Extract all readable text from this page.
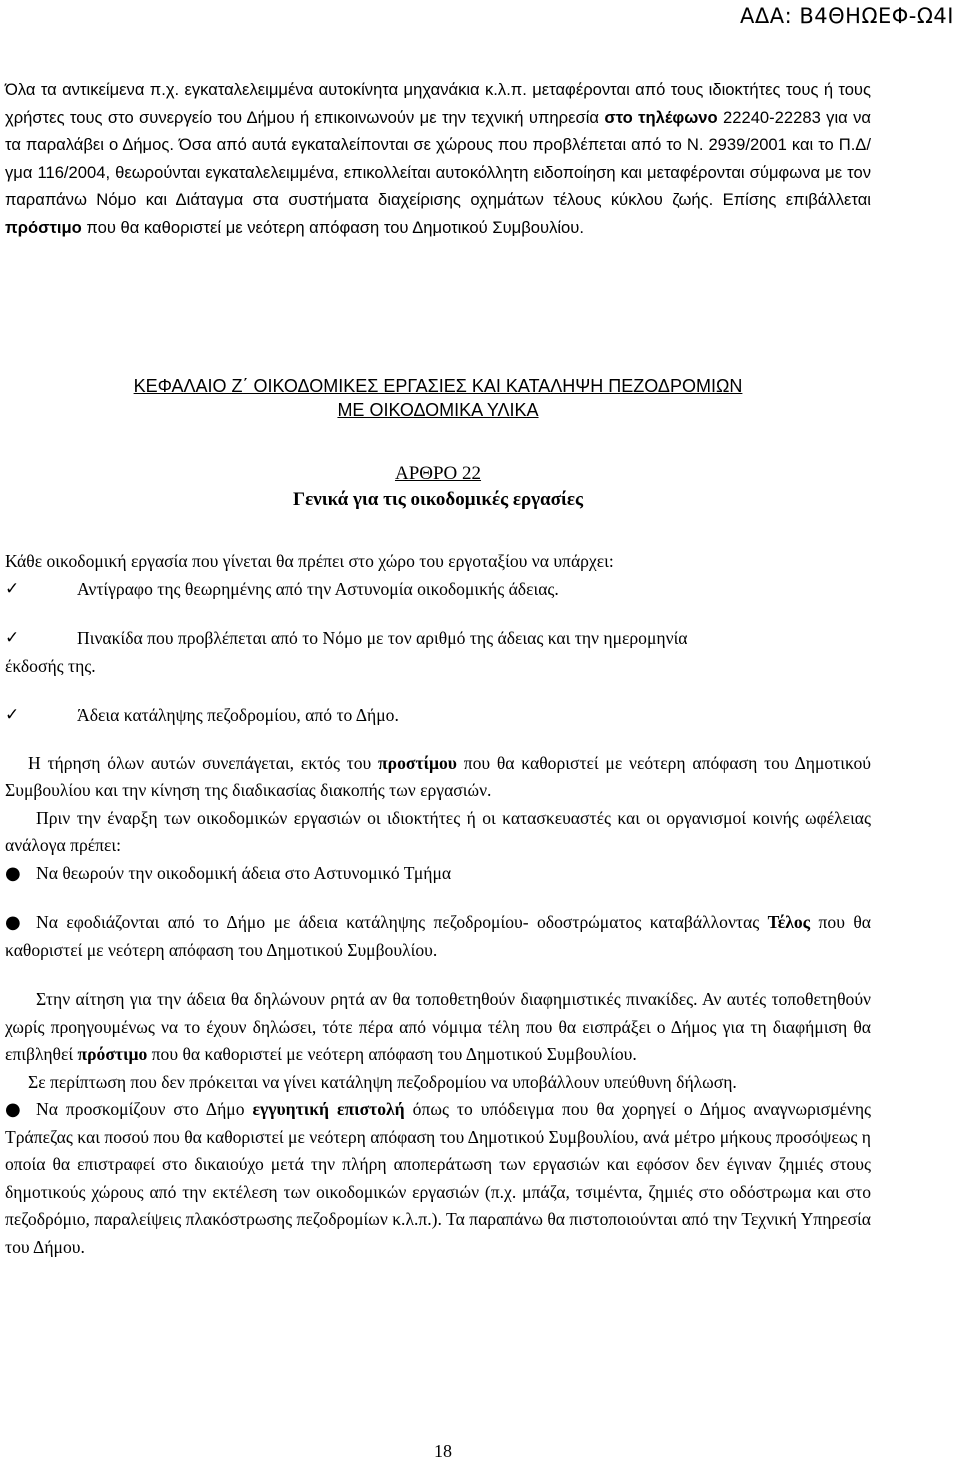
ΑΔΑ: Β4ΘΗΩΕΦ-Ω4Ι

Όλα τα αντικείμενα π.χ. εγκαταλελειμμένα αυτοκίνητα μηχανάκια κ.λ.π. μεταφέρονται από τους ιδιοκτήτες τους ή τους χρήστες τους στο συνεργείο του Δήμου ή επικοινωνούν με την τεχνική υπηρεσία στο τηλέφωνο 22240-22283 για να τα παραλάβει ο Δήμος. Όσα από αυτά εγκαταλείπονται σε χώρους που προβλέπεται από το Ν. 2939/2001 και το Π.Δ/γμα 116/2004, θεωρούνται εγκαταλελειμμένα, επικολλείται αυτοκόλλητη ειδοποίηση και μεταφέρονται σύμφωνα με τον παραπάνω Νόμο και Διάταγμα στα συστήματα διαχείρισης οχημάτων τέλους κύκλου ζωής. Επίσης επιβάλλεται πρόστιμο που θα καθοριστεί με νεότερη απόφαση του Δημοτικού Συμβουλίου.

ΚΕΦΑΛΑΙΟ Ζ΄ ΟΙΚΟΔΟΜΙΚΕΣ ΕΡΓΑΣΙΕΣ ΚΑΙ ΚΑΤΑΛΗΨΗ ΠΕΖΟΔΡΟΜΙΩΝ
ΜΕ ΟΙΚΟΔΟΜΙΚΑ ΥΛΙΚΑ
ΑΡΘΡΟ 22
Γενικά για τις οικοδομικές εργασίες

Κάθε οικοδομική εργασία που γίνεται θα πρέπει στο χώρο του εργοταξίου να υπάρχει:

✓	Αντίγραφο της θεωρημένης από την Αστυνομία οικοδομικής άδειας.
✓	Πινακίδα που προβλέπεται από το Νόμο με τον αριθμό της άδειας και την ημερομηνία

έκδοσής της.

✓	Άδεια κατάληψης πεζοδρομίου, από το Δήμο.

Η τήρηση όλων αυτών συνεπάγεται, εκτός του προστίμου που θα καθοριστεί με νεότερη απόφαση του Δημοτικού Συμβουλίου και την κίνηση της διαδικασίας διακοπής των εργασιών.

Πριν την έναρξη των οικοδομικών εργασιών οι ιδιοκτήτες ή οι κατασκευαστές και οι οργανισμοί κοινής ωφέλειας ανάλογα πρέπει:

● Να θεωρούν την οικοδομική άδεια στο Αστυνομικό Τμήμα
● Να εφοδιάζονται από το Δήμο με άδεια κατάληψης πεζοδρομίου- οδοστρώματος καταβάλλοντας Τέλος που θα καθοριστεί με νεότερη απόφαση του Δημοτικού Συμβουλίου.

Στην αίτηση για την άδεια θα δηλώνουν ρητά αν θα τοποθετηθούν διαφημιστικές πινακίδες. Αν αυτές τοποθετηθούν χωρίς προηγουμένως να το έχουν δηλώσει, τότε πέρα από νόμιμα τέλη που θα εισπράξει ο Δήμος για τη διαφήμιση θα επιβληθεί πρόστιμο που θα καθοριστεί με νεότερη απόφαση του Δημοτικού Συμβουλίου.

Σε περίπτωση που δεν πρόκειται να γίνει κατάληψη πεζοδρομίου να υποβάλλουν υπεύθυνη δήλωση.

● Να προσκομίζουν στο Δήμο εγγυητική επιστολή όπως το υπόδειγμα που θα χορηγεί ο Δήμος αναγνωρισμένης Τράπεζας και ποσού που θα καθοριστεί με νεότερη απόφαση του Δημοτικού Συμβουλίου, ανά μέτρο μήκους προσόψεως η οποία θα επιστραφεί στο δικαιούχο μετά την πλήρη αποπεράτωση των εργασιών και εφόσον δεν έγιναν ζημιές στους δημοτικούς χώρους από την εκτέλεση των οικοδομικών εργασιών (π.χ. μπάζα, τσιμέντα, ζημιές στο οδόστρωμα και στο πεζοδρόμιο, παραλείψεις πλακόστρωσης πεζοδρομίων κ.λ.π.). Τα παραπάνω θα πιστοποιούνται από την Τεχνική Υπηρεσία του Δήμου.
18
